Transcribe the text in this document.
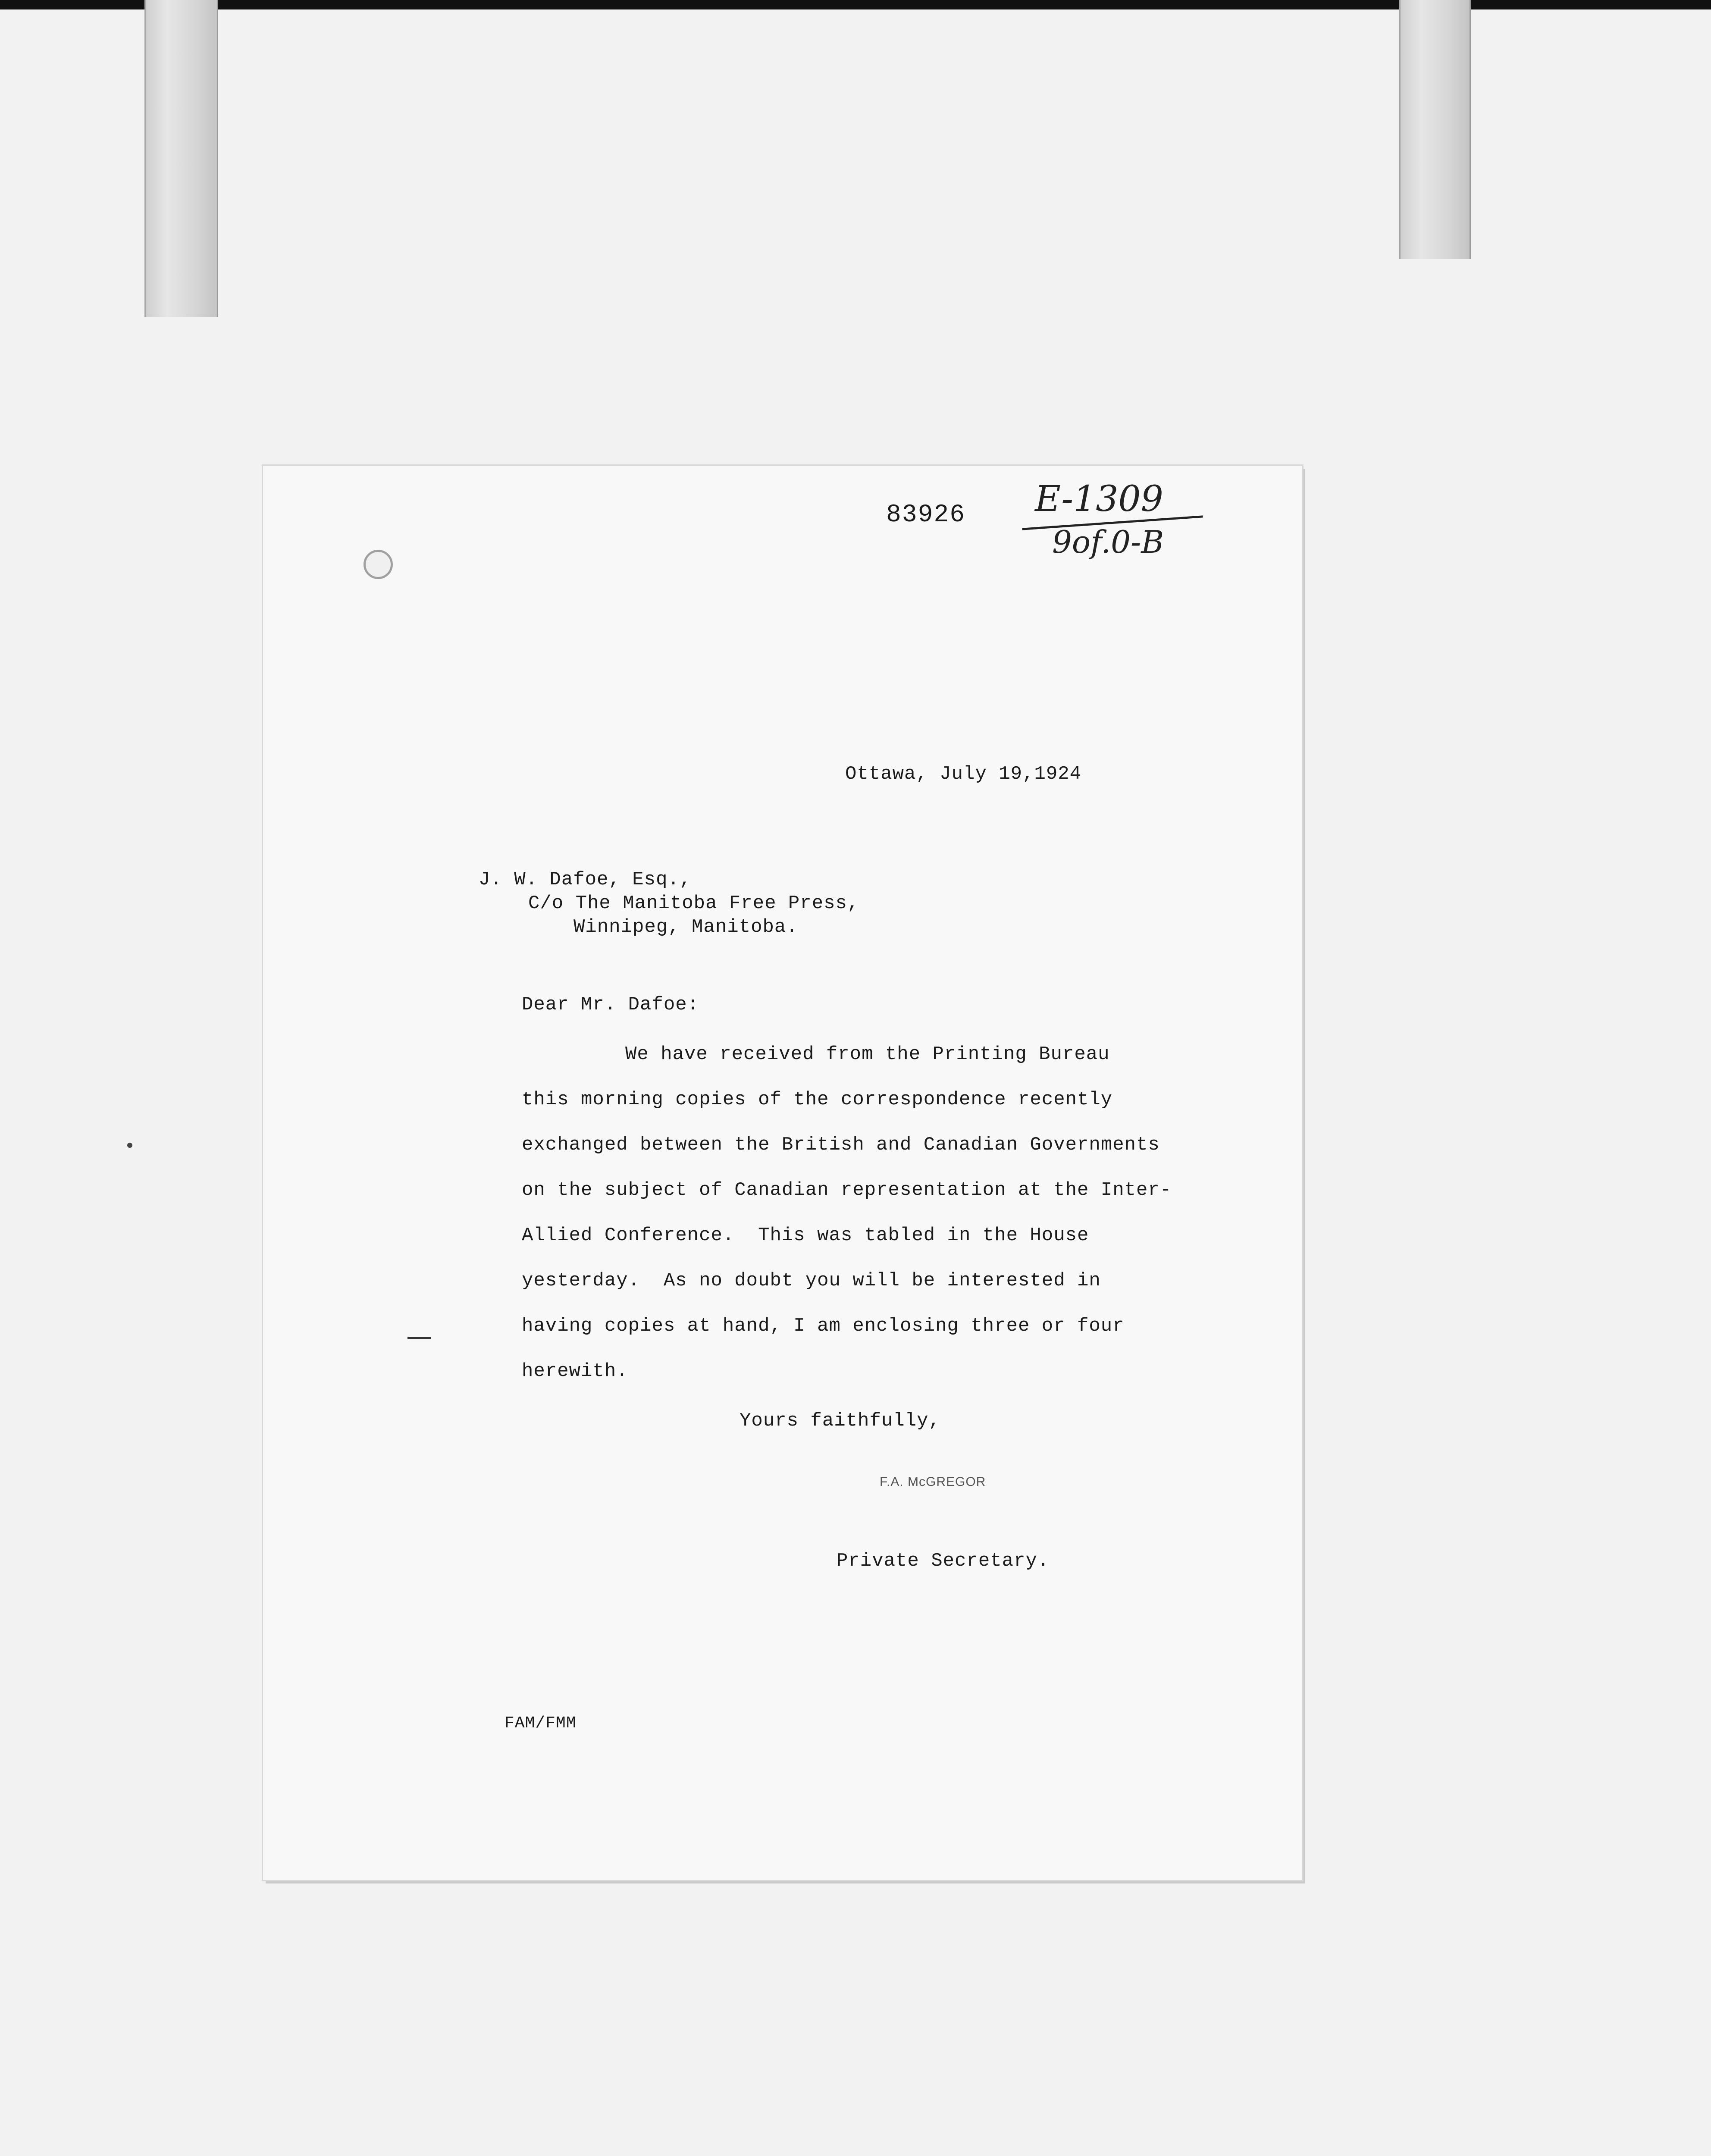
83926 E-1309
9of.0-B
Ottawa, July 19,1924
J. W. Dafoe, Esq.,
C/o The Manitoba Free Press,
Winnipeg, Manitoba.
Dear Mr. Dafoe:
We have received from the Printing Bureau
this morning copies of the correspondence recently
exchanged between the British and Canadian Governments
on the subject of Canadian representation at the Inter-
Allied Conference.  This was tabled in the House
yesterday.  As no doubt you will be interested in
having copies at hand, I am enclosing three or four
herewith.
Yours faithfully,
F.A. McGREGOR
Private Secretary.
FAM/FMM
